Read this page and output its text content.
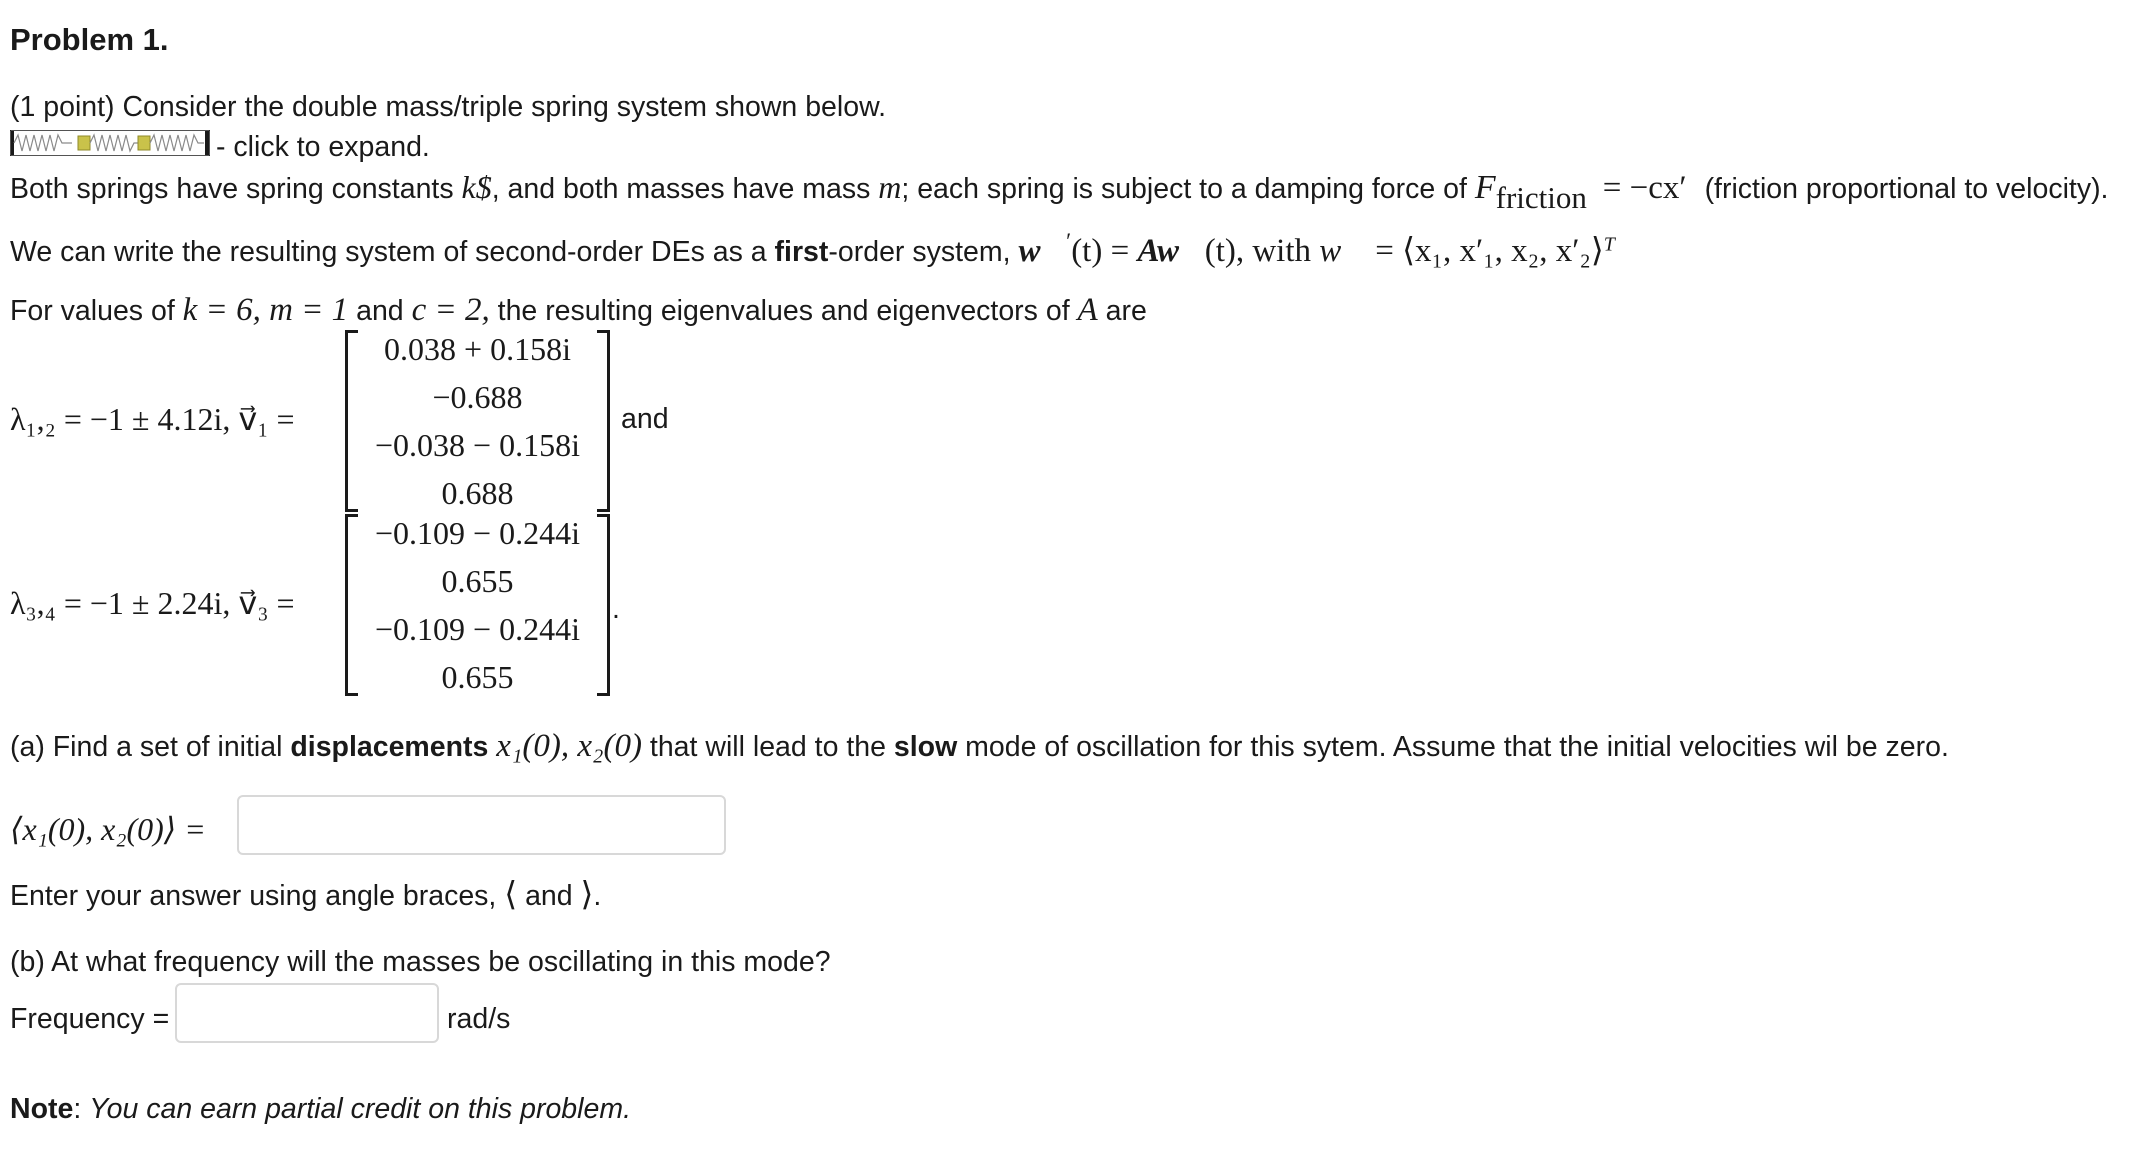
Problem 1.
(1 point) Consider the double mass/triple spring system shown below.
- click to expand.
Both springs have spring constants k$, and both masses have mass m; each spring is subject to a damping force of Ffriction = −cx′ (friction proportional to velocity).
We can write the resulting system of second-order DEs as a first-order system, w⃗′(t) = Aw⃗(t), with w⃗ = ⟨x₁, x′₁, x₂, x′₂⟩$^T$
For values of k = 6, m = 1 and c = 2, the resulting eigenvalues and eigenvectors of A are
λ₁,₂ = −1 ± 4.12i, v⃗₁ =
0.038 + 0.158i
−0.688
−0.038 − 0.158i
0.688
and
λ₃,₄ = −1 ± 2.24i, v⃗₃ =
−0.109 − 0.244i
0.655
−0.109 − 0.244i
0.655
.
(a) Find a set of initial displacements x₁(0), x₂(0) that will lead to the slow mode of oscillation for this sytem. Assume that the initial velocities wil be zero.
⟨x₁(0), x₂(0)⟩ =
Enter your answer using angle braces, ⟨ and ⟩.
(b) At what frequency will the masses be oscillating in this mode?
Frequency =	rad/s
Note: You can earn partial credit on this problem.
